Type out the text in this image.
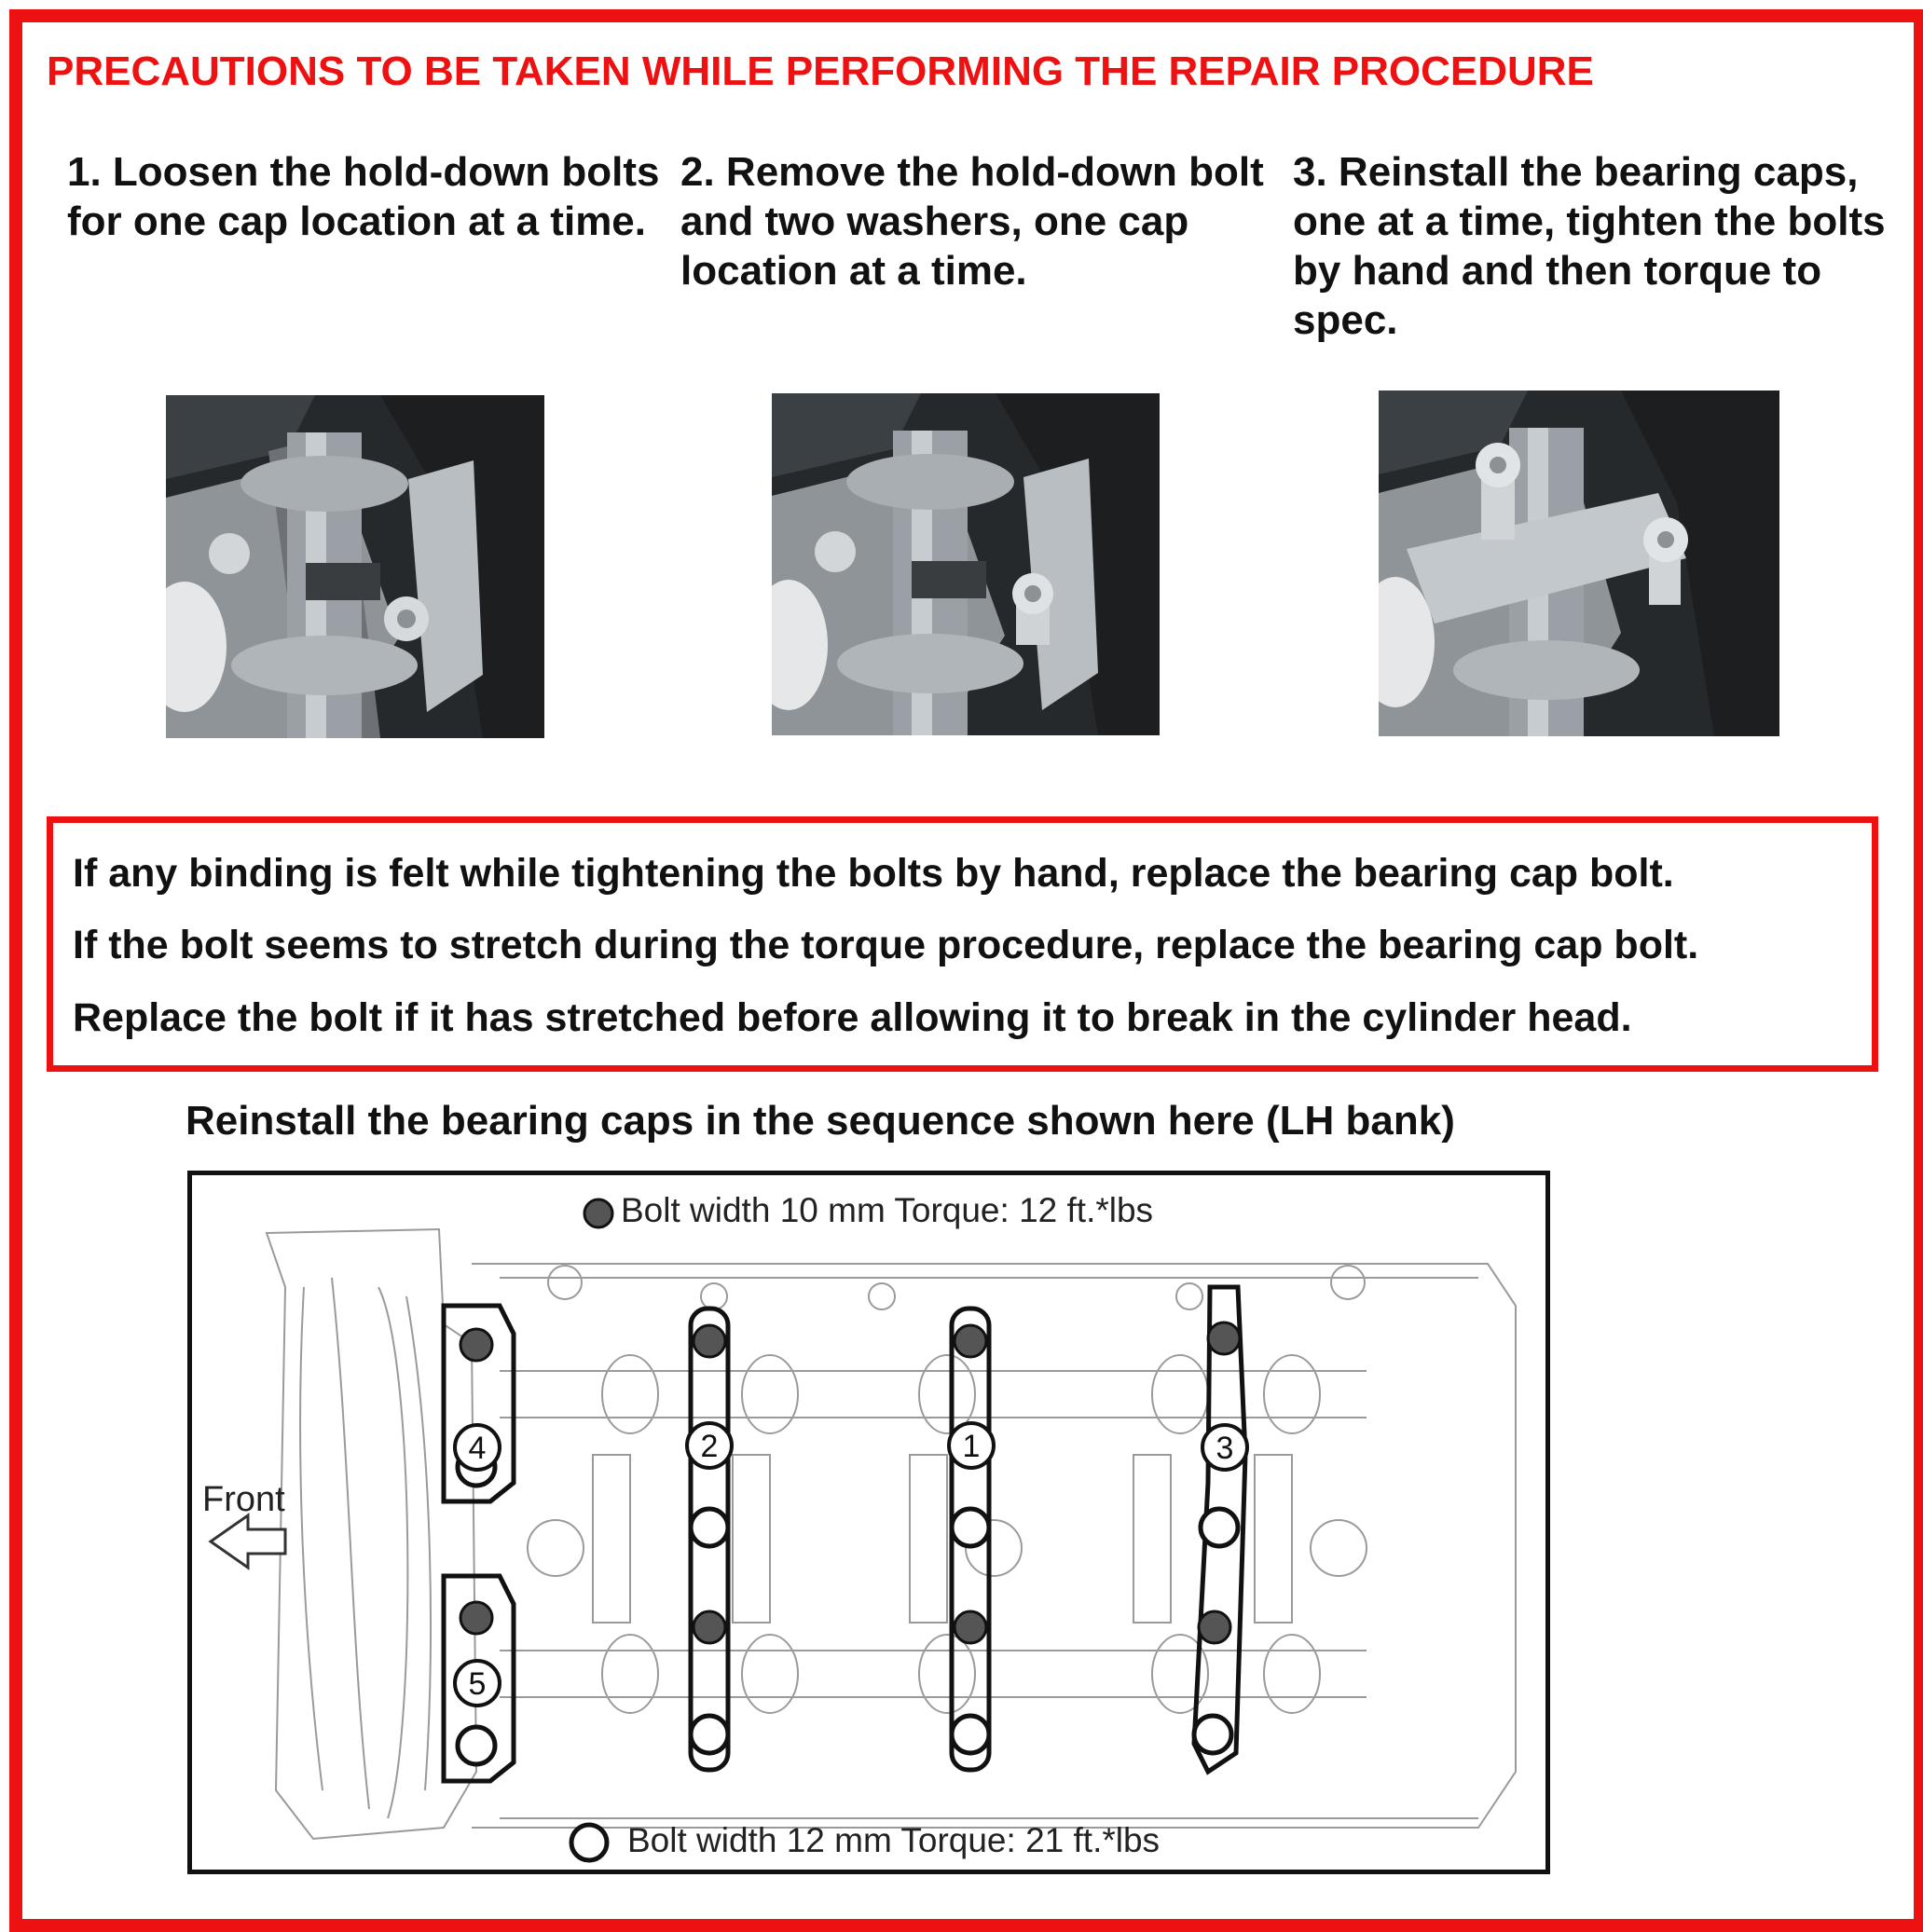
PRECAUTIONS TO BE TAKEN WHILE PERFORMING THE REPAIR PROCEDURE
1. Loosen the hold-down bolts for one cap location at a time.
2. Remove the hold-down bolt and two washers, one cap location at a time.
3. Reinstall the bearing caps, one at a time, tighten the bolts by hand and then torque to spec.
If any binding is felt while tightening the bolts by hand, replace the bearing cap bolt.
If the bolt seems to stretch during the torque procedure, replace the bearing cap bolt.
Replace the bolt if it has stretched before allowing it to break in the cylinder head.
Reinstall the bearing caps in the sequence shown here (LH bank)
1
2	3
4
5
Bolt width 10 mm Torque: 12 ft.*lbs
Bolt width 12 mm Torque: 21 ft.*lbs
Front
